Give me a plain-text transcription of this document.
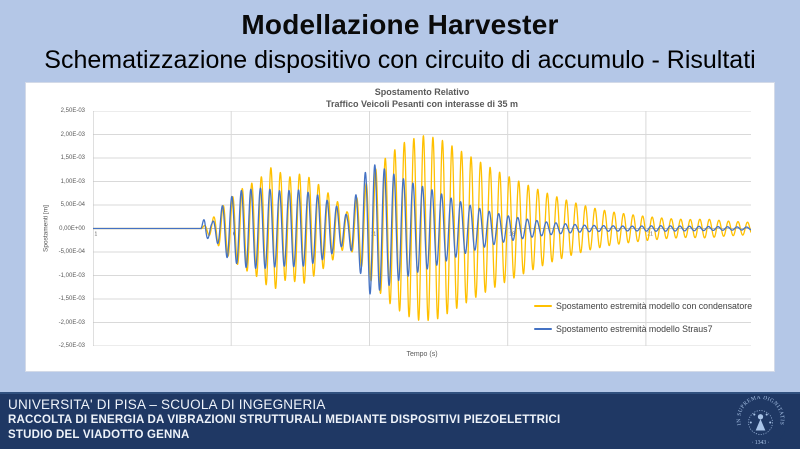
Modellazione Harvester
Schematizzazione dispositivo con circuito di accumulo - Risultati
Spostamento Relativo
Traffico Veicoli Pesanti con interasse di 35 m
Spostamenti [m]
2,50E-03
2,00E-03
1,50E-03
1,00E-03
5,00E-04
0,00E+00
-5,00E-04
-1,00E-03
-1,50E-03
-2,00E-03
-2,50E-03
1	6	11	16	21
Tempo (s)
Spostamento estremità modello con condensatore
Spostamento estremità modello Straus7
UNIVERSITA' DI PISA – SCUOLA DI INGEGNERIA
RACCOLTA DI ENERGIA DA VIBRAZIONI STRUTTURALI MEDIANTE DISPOSITIVI PIEZOELETTRICI
STUDIO DEL VIADOTTO GENNA
IN SUPREMA DIGNITATIS
· 1343 ·
